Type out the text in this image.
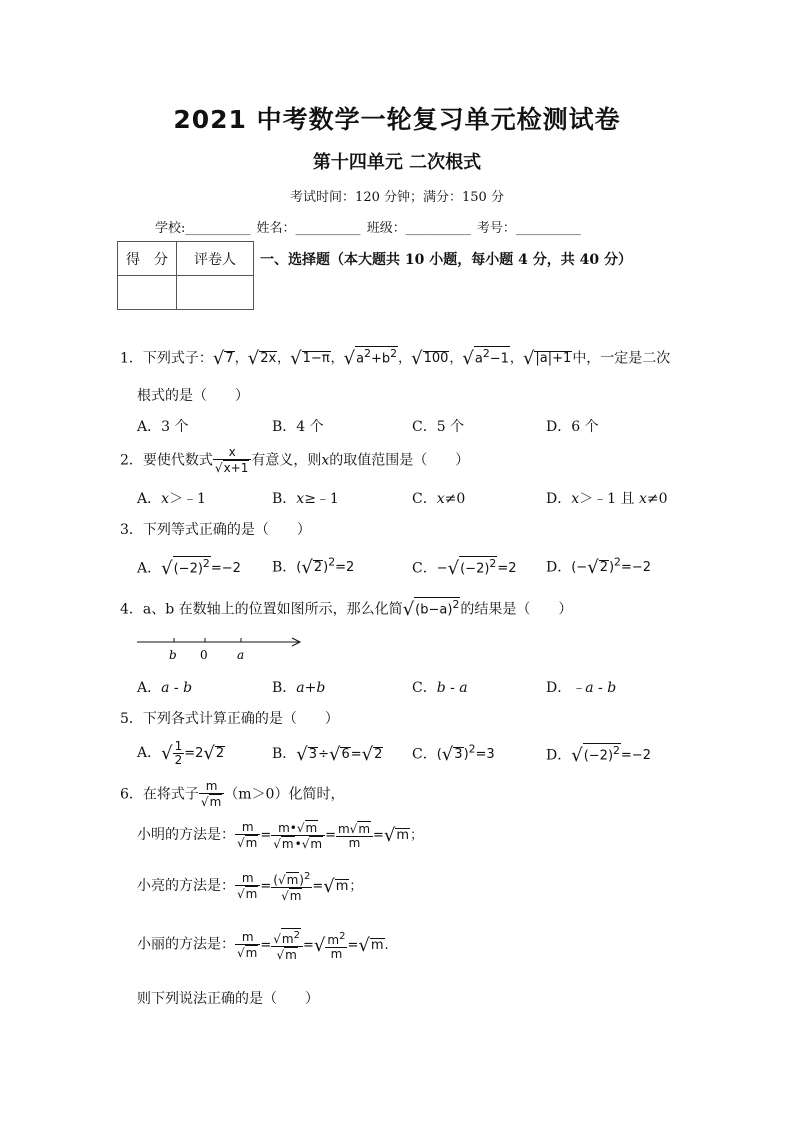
2021 中考数学一轮复习单元检测试卷
第十四单元 二次根式
考试时间：120 分钟；满分：150 分
学校:__________ 姓名：__________ 班级：__________ 考号：__________
得　分	评卷人
	一、选择题（本大题共 10 小题，每小题 4 分，共 40 分）
1．下列式子：√7，√2x，√1−π，$√a^2+b^2$，√100，$√a^2-1$，√|a|+1中，一定是二次
根式的是（　　）
A．3 个	B．4 个	C．5 个	D．6 个
2．要使代数式 $\frac{x}{√x+1}$ 有意义，则x的取值范围是（　　）
A．x＞﹣1	B．x≥﹣1	C．x≠0	D．x＞﹣1 且 x≠0
3．下列等式正确的是（　　）
A．$√(-2)^2=-2$ B．$(√2)^2=2$	C．$-√(-2)^2=2$ D．$(-√2)^2=-2$
4．a、b 在数轴上的位置如图所示，那么化简$√(b-a)^2$的结果是（　　）
b 0 a
A．a - b	B．a+b	C．b - a	D．﹣a - b
5．下列各式计算正确的是（　　）
A．√ $\frac{1}{2} =2√2$	B．√3÷√6=√2 C．$(√3)^2=3$	D．$√(-2)^2=-2$
6．在将式子 $\frac{m}{√m} (m>0)$化简时，
小明的方法是： $\frac{m}{√m} = \frac{m•√m}{√m•√m} = \frac{m√m}{m} =√m$；
小亮的方法是： $\frac{m}{√m} = \frac{(√m)^2}{√m} =√m$；
小丽的方法是： $\frac{m}{√m} = \frac{√m^2}{√m}$ =√ $\frac{m^2}{m} =√m$.
则下列说法正确的是（　　）
